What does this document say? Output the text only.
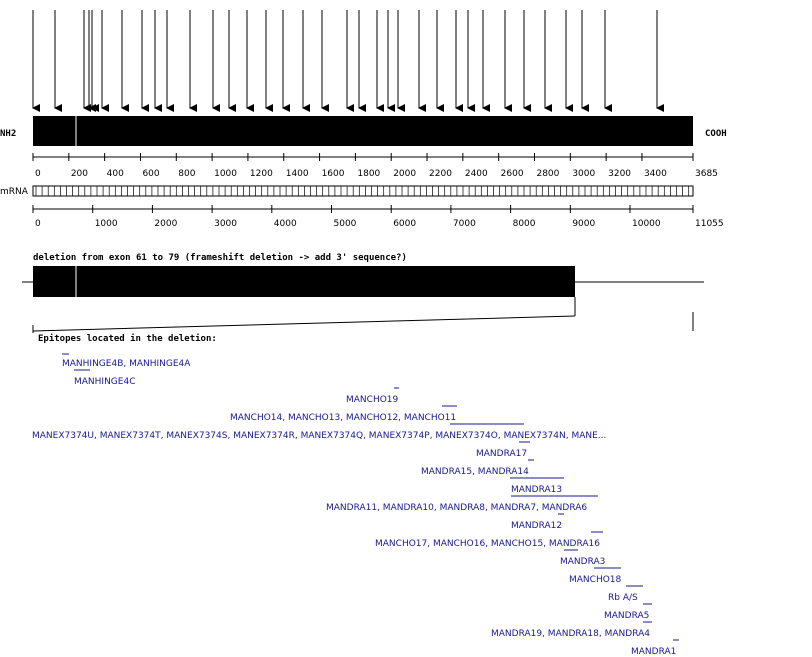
NH2	COOH
0	200 400 600 800 1000 1200 1400 1600 1800 2000 2200 2400 2600 2800 3000 3200 3400	3685
mRNA
0	1000	2000	3000	4000	5000	6000	7000	8000	9000	10000	11055
deletion from exon 61 to 79 (frameshift deletion -> add 3' sequence?)
Epitopes located in the deletion:
MANHINGE4B, MANHINGE4A
MANHINGE4C
MANCHO19
MANCHO14, MANCHO13, MANCHO12, MANCHO11
MANEX7374U, MANEX7374T, MANEX7374S, MANEX7374R, MANEX7374Q, MANEX7374P, MANEX7374O, MANEX7374N, MANE...
MANDRA17
MANDRA15, MANDRA14
MANDRA13
MANDRA11, MANDRA10, MANDRA8, MANDRA7, MANDRA6
MANDRA12
MANCHO17, MANCHO16, MANCHO15, MANDRA16
MANDRA3
MANCHO18
Rb A/S
MANDRA5
MANDRA19, MANDRA18, MANDRA4
MANDRA1
